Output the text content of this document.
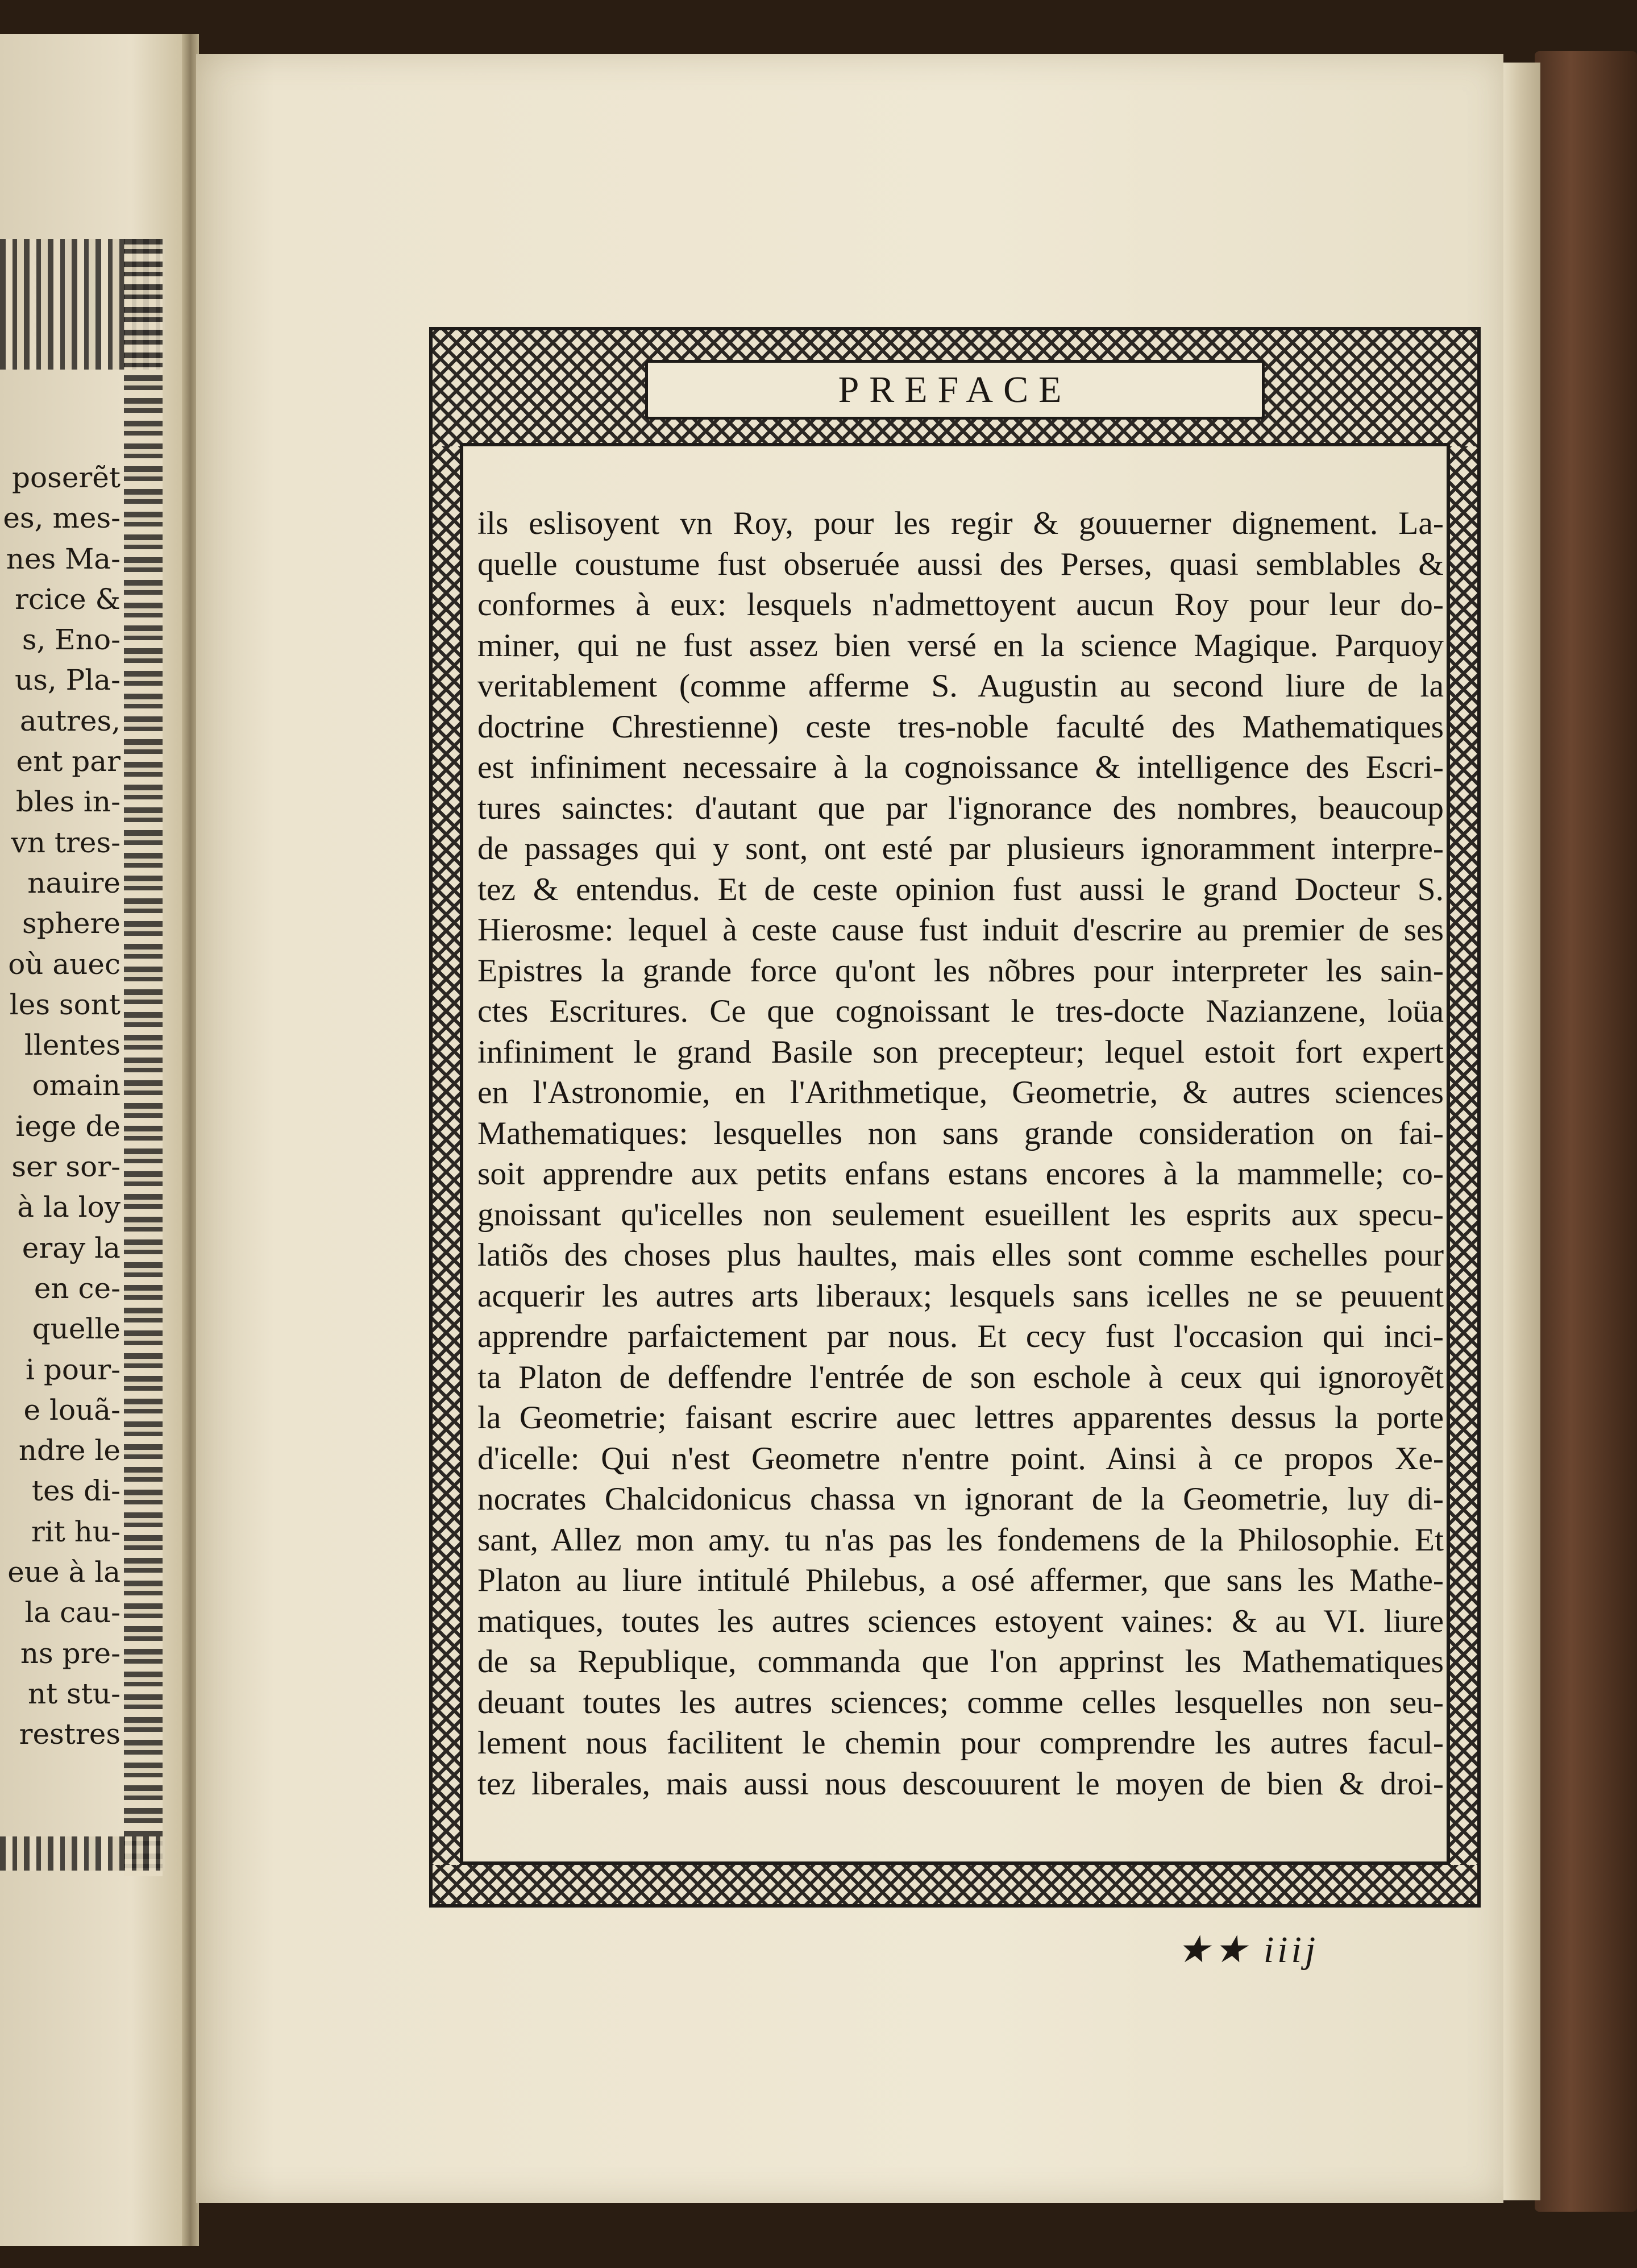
poserẽt
es, mes-
nes Ma-
rcice &
s, Eno-
us, Pla-
autres,
ent par
bles in-
vn tres-
nauire
sphere
où auec
les sont
llentes
omain
iege de
ser sor-
à la loy
eray la
en ce-
quelle
i pour-
e louã-
ndre le
tes di-
rit hu-
eue à la
la cau-
ns pre-
nt stu-
restres
PREFACE
ils eslisoyent vn Roy, pour les regir & gouuerner dignement. La-
quelle coustume fust obseruée aussi des Perses, quasi semblables &
conformes à eux: lesquels n'admettoyent aucun Roy pour leur do-
miner, qui ne fust assez bien versé en la science Magique. Parquoy
veritablement (comme afferme S. Augustin au second liure de la
doctrine Chrestienne) ceste tres-noble faculté des Mathematiques
est infiniment necessaire à la cognoissance & intelligence des Escri-
tures sainctes: d'autant que par l'ignorance des nombres, beaucoup
de passages qui y sont, ont esté par plusieurs ignoramment interpre-
tez & entendus. Et de ceste opinion fust aussi le grand Docteur S.
Hierosme: lequel à ceste cause fust induit d'escrire au premier de ses
Epistres la grande force qu'ont les nõbres pour interpreter les sain-
ctes Escritures. Ce que cognoissant le tres-docte Nazianzene, loüa
infiniment le grand Basile son precepteur; lequel estoit fort expert
en l'Astronomie, en l'Arithmetique, Geometrie, & autres sciences
Mathematiques: lesquelles non sans grande consideration on fai-
soit apprendre aux petits enfans estans encores à la mammelle; co-
gnoissant qu'icelles non seulement esueillent les esprits aux specu-
latiõs des choses plus haultes, mais elles sont comme eschelles pour
acquerir les autres arts liberaux; lesquels sans icelles ne se peuuent
apprendre parfaictement par nous. Et cecy fust l'occasion qui inci-
ta Platon de deffendre l'entrée de son eschole à ceux qui ignoroyẽt
la Geometrie; faisant escrire auec lettres apparentes dessus la porte
d'icelle: Qui n'est Geometre n'entre point. Ainsi à ce propos Xe-
nocrates Chalcidonicus chassa vn ignorant de la Geometrie, luy di-
sant, Allez mon amy. tu n'as pas les fondemens de la Philosophie. Et
Platon au liure intitulé Philebus, a osé affermer, que sans les Mathe-
matiques, toutes les autres sciences estoyent vaines: & au VI. liure
de sa Republique, commanda que l'on apprinst les Mathematiques
deuant toutes les autres sciences; comme celles lesquelles non seu-
lement nous facilitent le chemin pour comprendre les autres facul-
tez liberales, mais aussi nous descouurent le moyen de bien & droi-
★★ iiij
